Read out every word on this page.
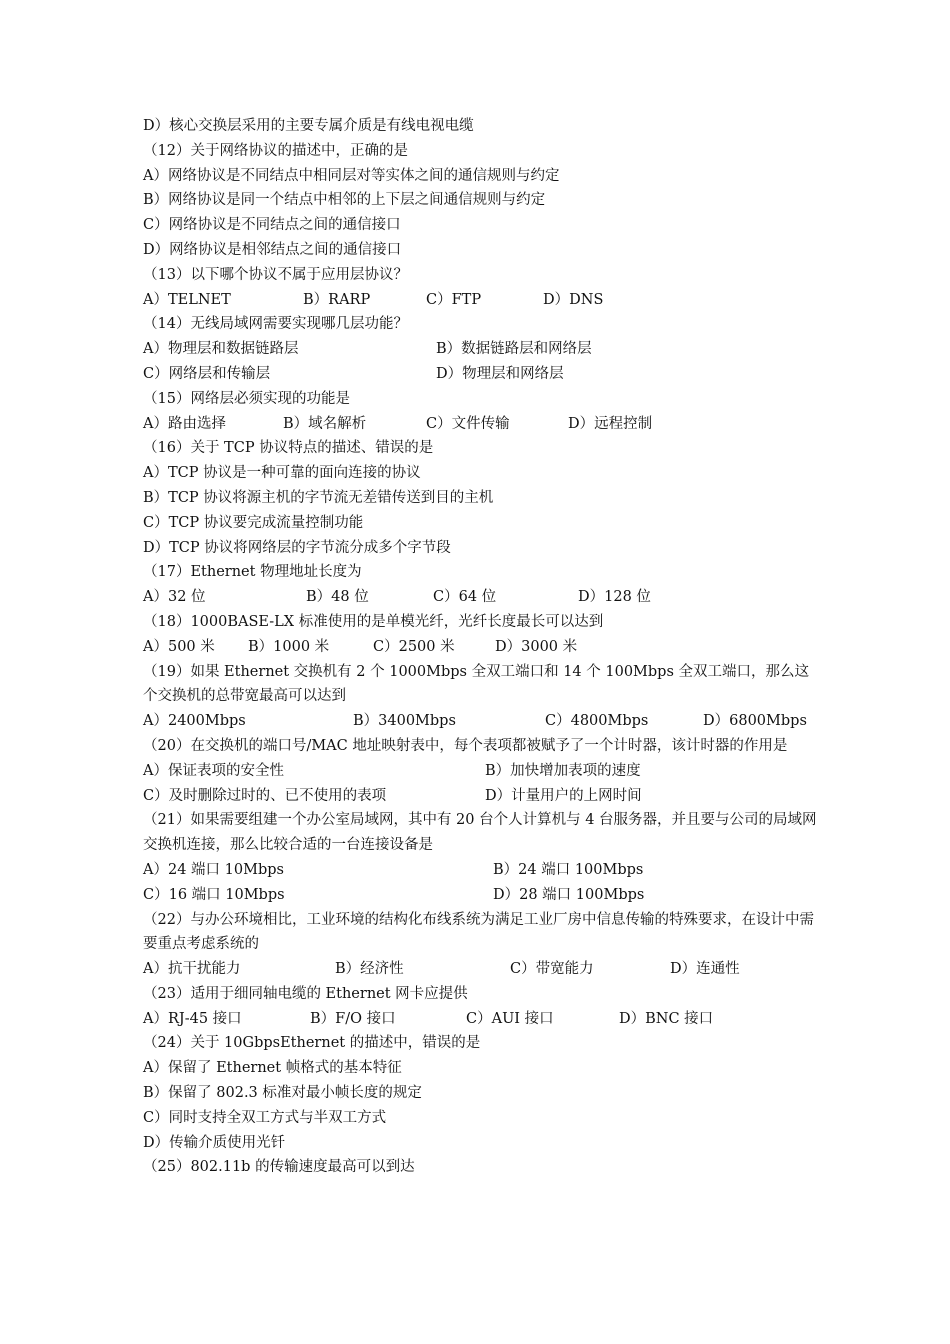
D）核心交换层采用的主要专属介质是有线电视电缆
（12）关于网络协议的描述中，正确的是
A）网络协议是不同结点中相同层对等实体之间的通信规则与约定
B）网络协议是同一个结点中相邻的上下层之间通信规则与约定
C）网络协议是不同结点之间的通信接口
D）网络协议是相邻结点之间的通信接口
（13）以下哪个协议不属于应用层协议？
A）TELNET	B）RARP	C）FTP	D）DNS
（14）无线局域网需要实现哪几层功能？
A）物理层和数据链路层	B）数据链路层和网络层
C）网络层和传输层	D）物理层和网络层
（15）网络层必须实现的功能是
A）路由选择	B）域名解析	C）文件传输	D）远程控制
（16）关于 TCP 协议特点的描述、错误的是
A）TCP 协议是一种可靠的面向连接的协议
B）TCP 协议将源主机的字节流无差错传送到目的主机
C）TCP 协议要完成流量控制功能
D）TCP 协议将网络层的字节流分成多个字节段
（17）Ethernet 物理地址长度为
A）32 位	B）48 位	C）64 位	D）128 位
（18）1000BASE-LX 标准使用的是单模光纤，光纤长度最长可以达到
A）500 米 B）1000 米	C）2500 米	D）3000 米
（19）如果 Ethernet 交换机有 2 个 1000Mbps 全双工端口和 14 个 100Mbps 全双工端口，那么这个交换机的总带宽最高可以达到
A）2400Mbps	B）3400Mbps	C）4800Mbps	D）6800Mbps
（20）在交换机的端口号/MAC 地址映射表中，每个表项都被赋予了一个计时器，该计时器的作用是
A）保证表项的安全性	B）加快增加表项的速度
C）及时删除过时的、已不使用的表项	D）计量用户的上网时间
（21）如果需要组建一个办公室局域网，其中有 20 台个人计算机与 4 台服务器，并且要与公司的局域网交换机连接，那么比较合适的一台连接设备是
A）24 端口 10Mbps	B）24 端口 100Mbps
C）16 端口 10Mbps	D）28 端口 100Mbps
（22）与办公环境相比，工业环境的结构化布线系统为满足工业厂房中信息传输的特殊要求，在设计中需要重点考虑系统的
A）抗干扰能力	B）经济性	C）带宽能力	D）连通性
（23）适用于细同轴电缆的 Ethernet 网卡应提供
A）RJ-45 接口	B）F/O 接口	C）AUI 接口	D）BNC 接口
（24）关于 10GbpsEthernet 的描述中，错误的是
A）保留了 Ethernet 帧格式的基本特征
B）保留了 802.3 标准对最小帧长度的规定
C）同时支持全双工方式与半双工方式
D）传输介质使用光钎
（25）802.11b 的传输速度最高可以到达
